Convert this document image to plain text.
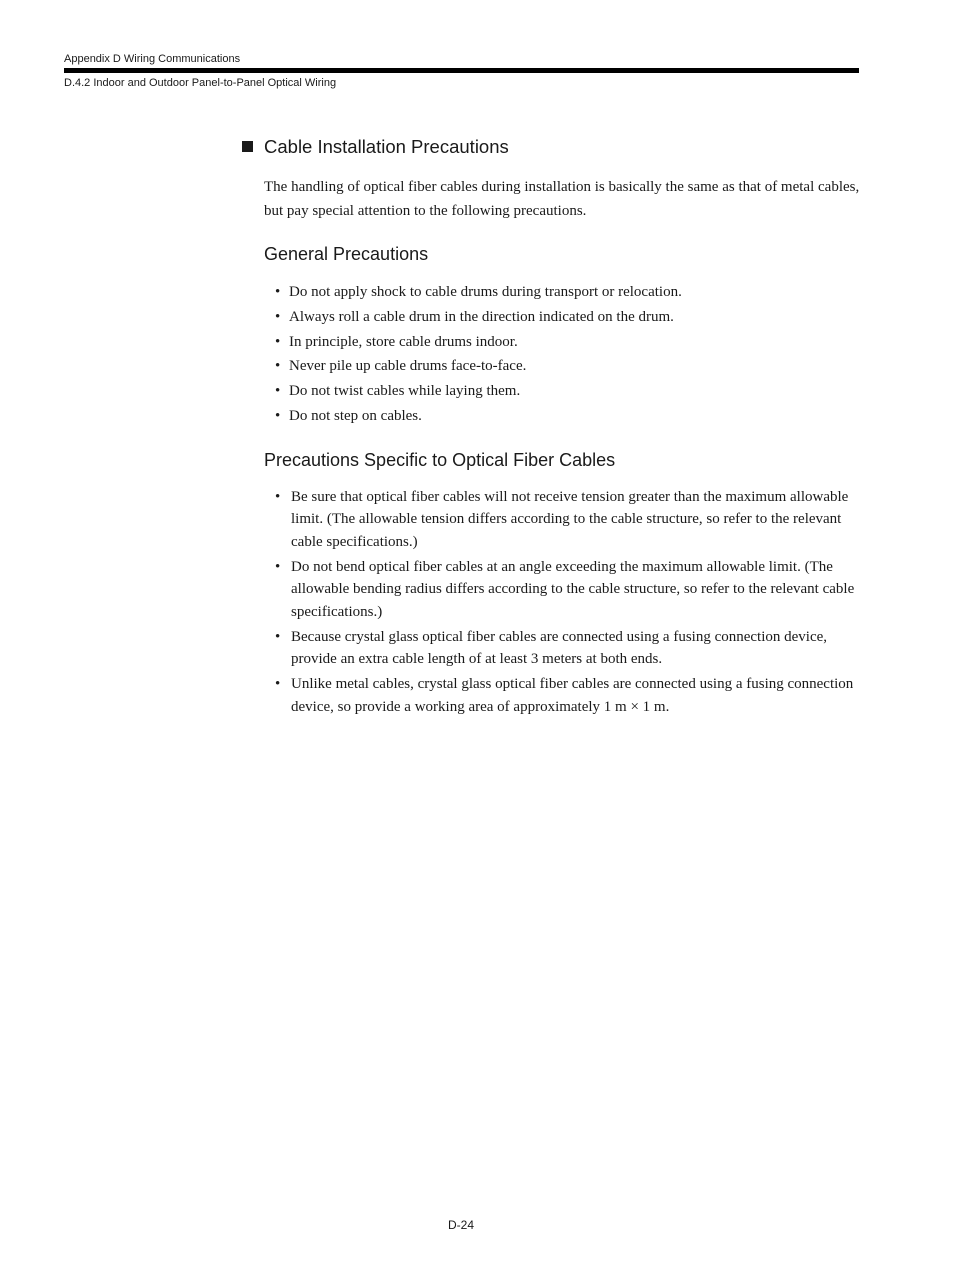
Appendix D Wiring Communications
D.4.2 Indoor and Outdoor Panel-to-Panel Optical Wiring
Cable Installation Precautions

The handling of optical fiber cables during installation is basically the same as that of metal cables, but pay special attention to the following precautions.

General Precautions
• Do not apply shock to cable drums during transport or relocation.
• Always roll a cable drum in the direction indicated on the drum.
• In principle, store cable drums indoor.
• Never pile up cable drums face-to-face.
• Do not twist cables while laying them.
• Do not step on cables.
Precautions Specific to Optical Fiber Cables
• Be sure that optical fiber cables will not receive tension greater than the maximum allowable limit. (The allowable tension differs according to the cable structure, so refer to the relevant cable specifications.)
• Do not bend optical fiber cables at an angle exceeding the maximum allowable limit. (The allowable bending radius differs according to the cable structure, so refer to the relevant cable specifications.)
• Because crystal glass optical fiber cables are connected using a fusing connection device, provide an extra cable length of at least 3 meters at both ends.
• Unlike metal cables, crystal glass optical fiber cables are connected using a fusing connection device, so provide a working area of approximately 1 m × 1 m.
D-24
